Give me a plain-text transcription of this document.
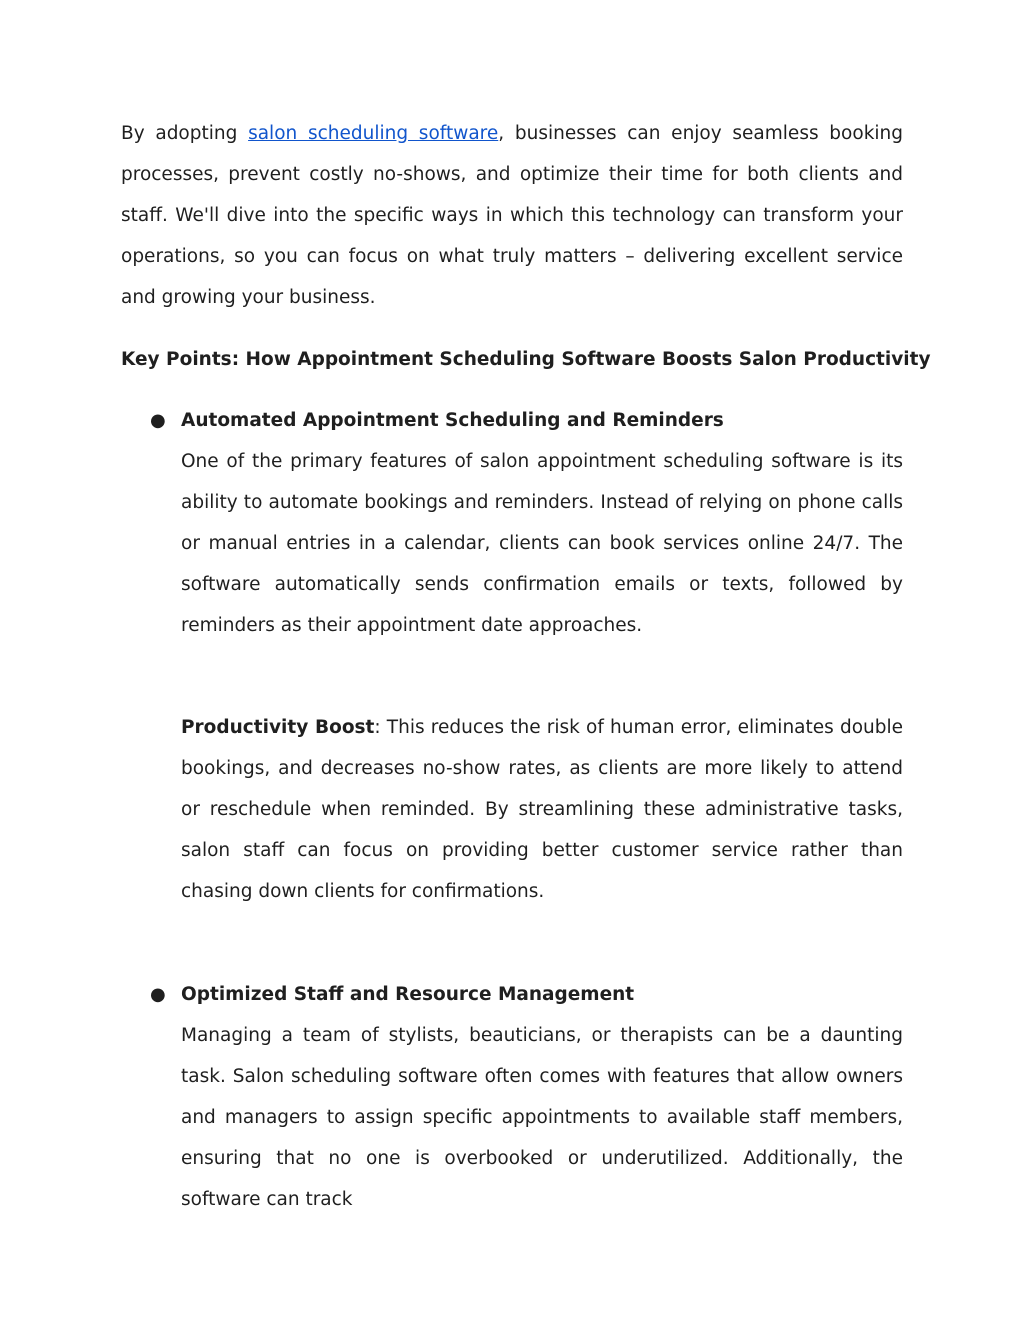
By adopting salon scheduling software, businesses can enjoy seamless booking processes, prevent costly no-shows, and optimize their time for both clients and staff. We'll dive into the specific ways in which this technology can transform your operations, so you can focus on what truly matters – delivering excellent service and growing your business.

Key Points: How Appointment Scheduling Software Boosts Salon Productivity
● Automated Appointment Scheduling and Reminders

One of the primary features of salon appointment scheduling software is its ability to automate bookings and reminders. Instead of relying on phone calls or manual entries in a calendar, clients can book services online 24/7. The software automatically sends confirmation emails or texts, followed by reminders as their appointment date approaches.

Productivity Boost: This reduces the risk of human error, eliminates double bookings, and decreases no-show rates, as clients are more likely to attend or reschedule when reminded. By streamlining these administrative tasks, salon staff can focus on providing better customer service rather than chasing down clients for confirmations.

● Optimized Staff and Resource Management

Managing a team of stylists, beauticians, or therapists can be a daunting task. Salon scheduling software often comes with features that allow owners and managers to assign specific appointments to available staff members, ensuring that no one is overbooked or underutilized. Additionally, the software can track
